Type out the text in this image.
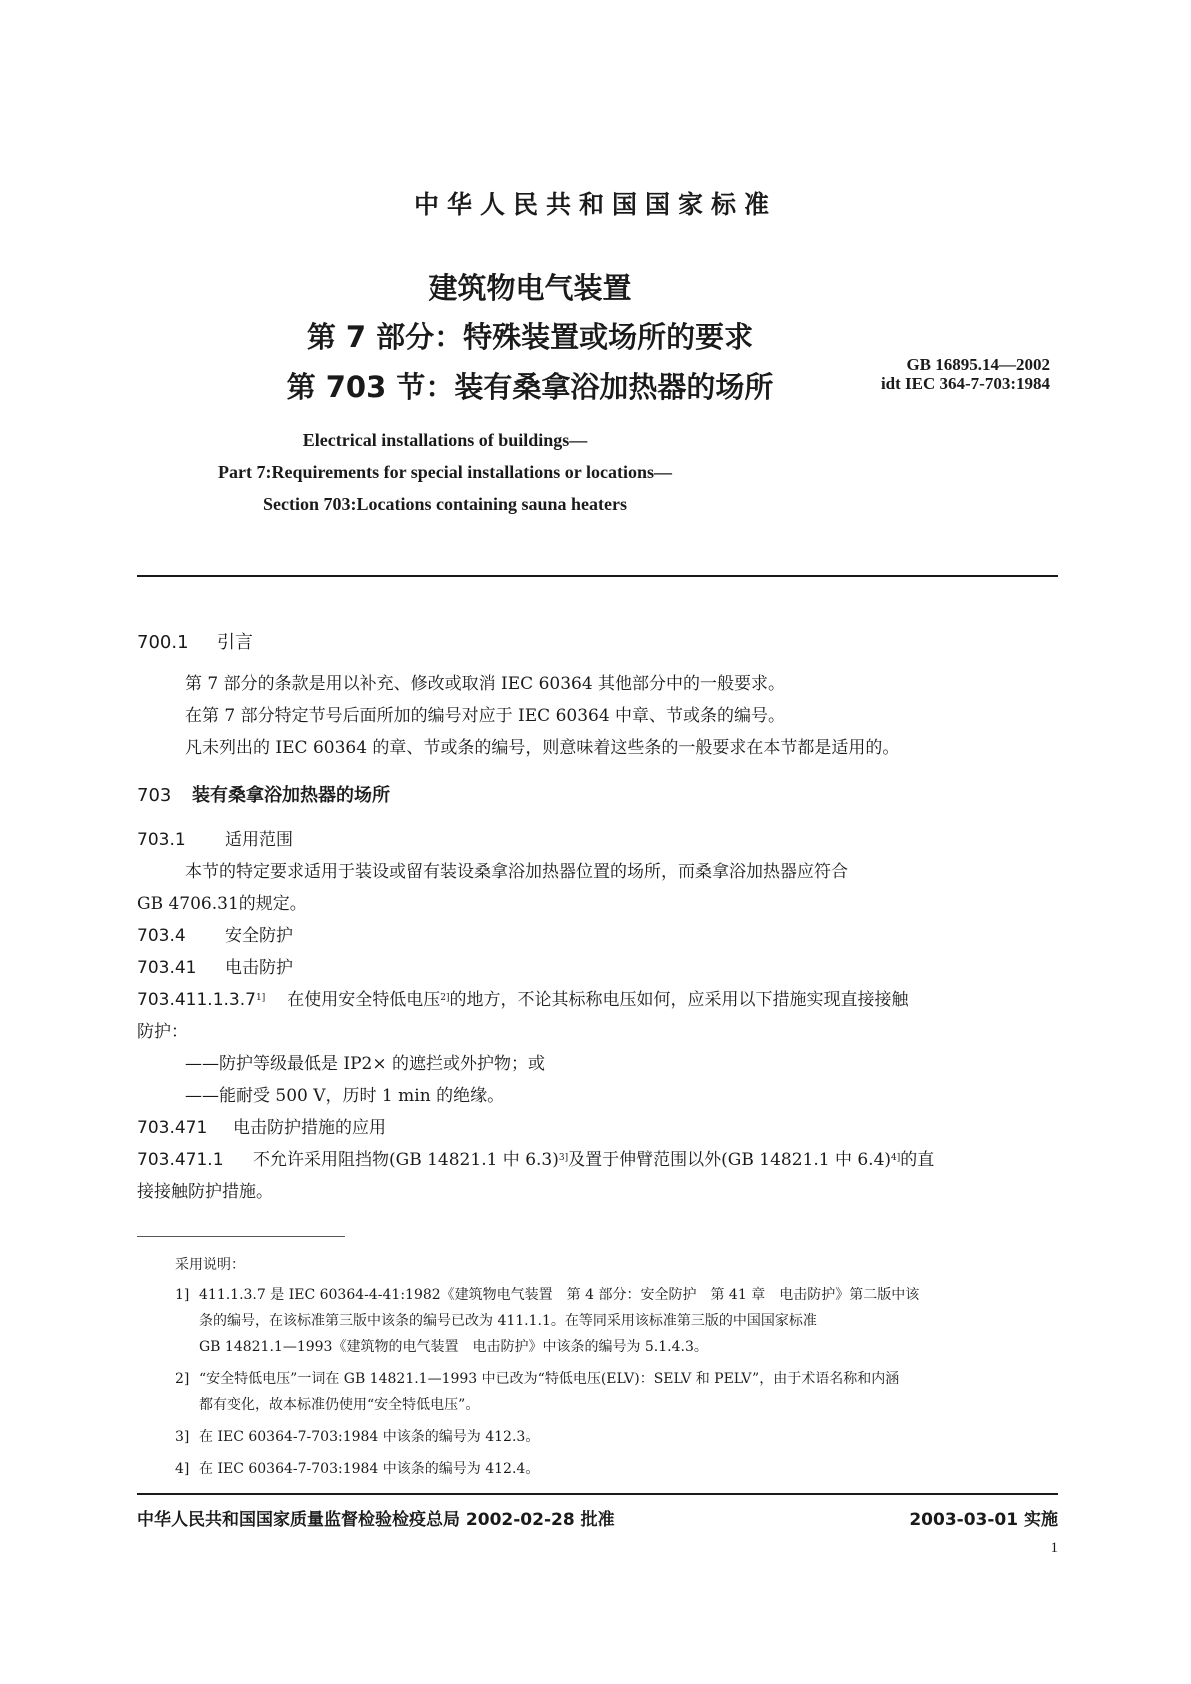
中华人民共和国国家标准
建筑物电气装置
第 7 部分：特殊装置或场所的要求
第 703 节：装有桑拿浴加热器的场所
GB 16895.14—2002
idt IEC 364-7-703:1984
Electrical installations of buildings—
Part 7:Requirements for special installations or locations—
Section 703:Locations containing sauna heaters
700.1 引言
第 7 部分的条款是用以补充、修改或取消 IEC 60364 其他部分中的一般要求。
在第 7 部分特定节号后面所加的编号对应于 IEC 60364 中章、节或条的编号。
凡未列出的 IEC 60364 的章、节或条的编号，则意味着这些条的一般要求在本节都是适用的。
703 装有桑拿浴加热器的场所
703.1 适用范围
本节的特定要求适用于装设或留有装设桑拿浴加热器位置的场所，而桑拿浴加热器应符合
GB 4706.31的规定。
703.4 安全防护
703.41 电击防护
$703.411.1.3.7^{1]}$ 在使用安全特低电压$^{2]}$的地方，不论其标称电压如何，应采用以下措施实现直接接触
防护：
——防护等级最低是 IP2× 的遮拦或外护物；或
——能耐受 500 V，历时 1 min 的绝缘。
703.471 电击防护措施的应用
703.471.1 不允许采用阻挡物(GB 14821.1 中 6.3)$^{3]}$及置于伸臂范围以外(GB 14821.1 中 6.4)$^{4]}$的直
接接触防护措施。
采用说明：
1] 411.1.3.7 是 IEC 60364-4-41:1982《建筑物电气装置　第 4 部分：安全防护　第 41 章　电击防护》第二版中该
条的编号，在该标准第三版中该条的编号已改为 411.1.1。在等同采用该标准第三版的中国国家标准
GB 14821.1—1993《建筑物的电气装置　电击防护》中该条的编号为 5.1.4.3。
2] “安全特低电压”一词在 GB 14821.1—1993 中已改为“特低电压(ELV)：SELV 和 PELV”，由于术语名称和内涵
都有变化，故本标准仍使用“安全特低电压”。
3] 在 IEC 60364-7-703:1984 中该条的编号为 412.3。
4] 在 IEC 60364-7-703:1984 中该条的编号为 412.4。
中华人民共和国国家质量监督检验检疫总局 2002-02-28 批准	2003-03-01 实施
1
